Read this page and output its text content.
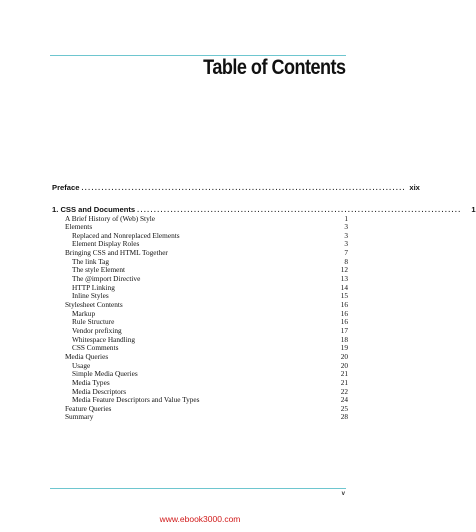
Table of Contents
Preface ................................................................................................. xix
1. CSS and Documents .................................................................................................	1
A Brief History of (Web) Style	1
Elements	3
Replaced and Nonreplaced Elements	3
Element Display Roles	3
Bringing CSS and HTML Together	7
The link Tag	8
The style Element	12
The @import Directive	13
HTTP Linking	14
Inline Styles	15
Stylesheet Contents	16
Markup	16
Rule Structure	16
Vendor prefixing	17
Whitespace Handling	18
CSS Comments	19
Media Queries	20
Usage	20
Simple Media Queries	21
Media Types	21
Media Descriptors	22
Media Feature Descriptors and Value Types	24
Feature Queries	25
Summary	28
v
www.ebook3000.com
